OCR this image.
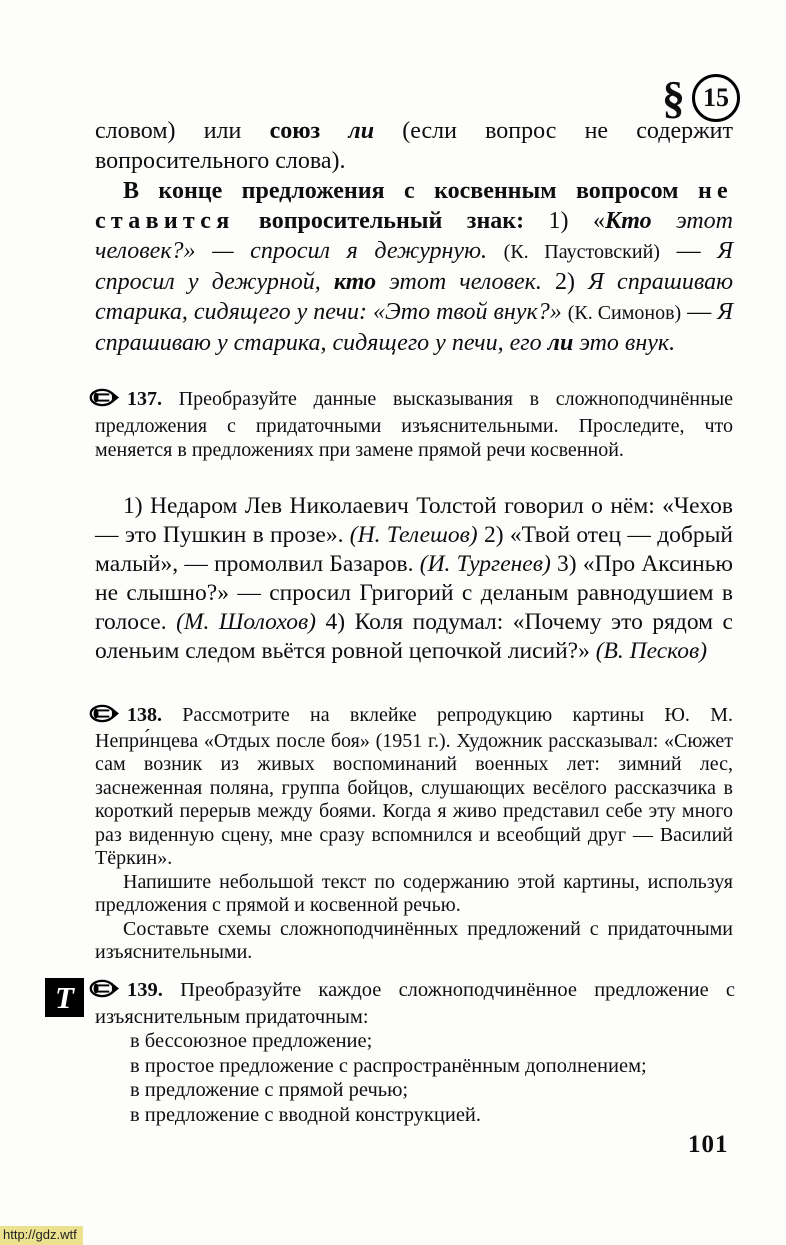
§ 15

словом) или союз ли (если вопрос не содержит вопросительного слова).

В конце предложения с косвенным вопросом не ставится вопросительный знак: 1) «Кто этот человек?» — спросил я дежурную. (К. Паустовский) — Я спросил у дежурной, кто этот человек. 2) Я спрашиваю старика, сидящего у печи: «Это твой внук?» (К. Симонов) — Я спрашиваю у старика, сидящего у печи, его ли это внук.

137. Преобразуйте данные высказывания в сложноподчинённые предложения с придаточными изъяснительными. Проследите, что меняется в предложениях при замене прямой речи косвенной.
1) Недаром Лев Николаевич Толстой говорил о нём: «Чехов — это Пушкин в прозе». (Н. Телешов) 2) «Твой отец — добрый малый», — промолвил Базаров. (И. Тургенев) 3) «Про Аксинью не слышно?» — спросил Григорий с деланым равнодушием в голосе. (М. Шолохов) 4) Коля подумал: «Почему это рядом с оленьим следом вьётся ровной цепочкой лисий?» (В. Песков)

138. Рассмотрите на вклейке репродукцию картины Ю. М. Непри́нцева «Отдых после боя» (1951 г.). Художник рассказывал: «Сюжет сам возник из живых воспоминаний военных лет: зимний лес, заснеженная поляна, группа бойцов, слушающих весёлого рассказчика в короткий перерыв между боями. Когда я живо представил себе эту много раз виденную сцену, мне сразу вспомнился и всеобщий друг — Василий Тёркин».

Напишите небольшой текст по содержанию этой картины, используя предложения с прямой и косвенной речью.

Составьте схемы сложноподчинённых предложений с придаточными изъяснительными.

Т	139. Преобразуйте каждое сложноподчинённое предложение с изъяснительным придаточным:

в бессоюзное предложение;

в простое предложение с распространённым дополнением;

в предложение с прямой речью;

в предложение с вводной конструкцией.

101
http://gdz.wtf
